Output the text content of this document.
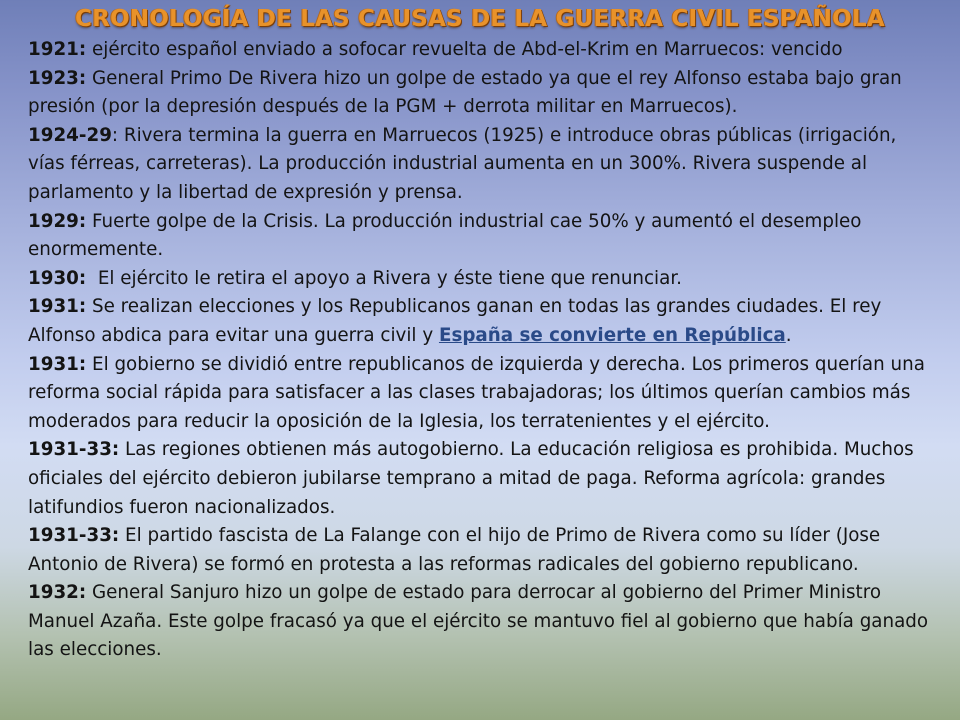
CRONOLOGÍA DE LAS CAUSAS DE LA GUERRA CIVIL ESPAÑOLA

1921: ejército español enviado a sofocar revuelta de Abd-el-Krim en Marruecos: vencido

1923: General Primo De Rivera hizo un golpe de estado ya que el rey Alfonso estaba bajo gran presión (por la depresión después de la PGM + derrota militar en Marruecos).

1924-29: Rivera termina la guerra en Marruecos (1925) e introduce obras públicas (irrigación, vías férreas, carreteras). La producción industrial aumenta en un 300%. Rivera suspende al parlamento y la libertad de expresión y prensa.

1929: Fuerte golpe de la Crisis. La producción industrial cae 50% y aumentó el desempleo enormemente.

1930:  El ejército le retira el apoyo a Rivera y éste tiene que renunciar.

1931: Se realizan elecciones y los Republicanos ganan en todas las grandes ciudades. El rey Alfonso abdica para evitar una guerra civil y España se convierte en República.

1931: El gobierno se dividió entre republicanos de izquierda y derecha. Los primeros querían una reforma social rápida para satisfacer a las clases trabajadoras; los últimos querían cambios más moderados para reducir la oposición de la Iglesia, los terratenientes y el ejército.

1931-33: Las regiones obtienen más autogobierno. La educación religiosa es prohibida. Muchos oficiales del ejército debieron jubilarse temprano a mitad de paga. Reforma agrícola: grandes latifundios fueron nacionalizados.

1931-33: El partido fascista de La Falange con el hijo de Primo de Rivera como su líder (Jose Antonio de Rivera) se formó en protesta a las reformas radicales del gobierno republicano.

1932: General Sanjuro hizo un golpe de estado para derrocar al gobierno del Primer Ministro Manuel Azaña. Este golpe fracasó ya que el ejército se mantuvo fiel al gobierno que había ganado las elecciones.
